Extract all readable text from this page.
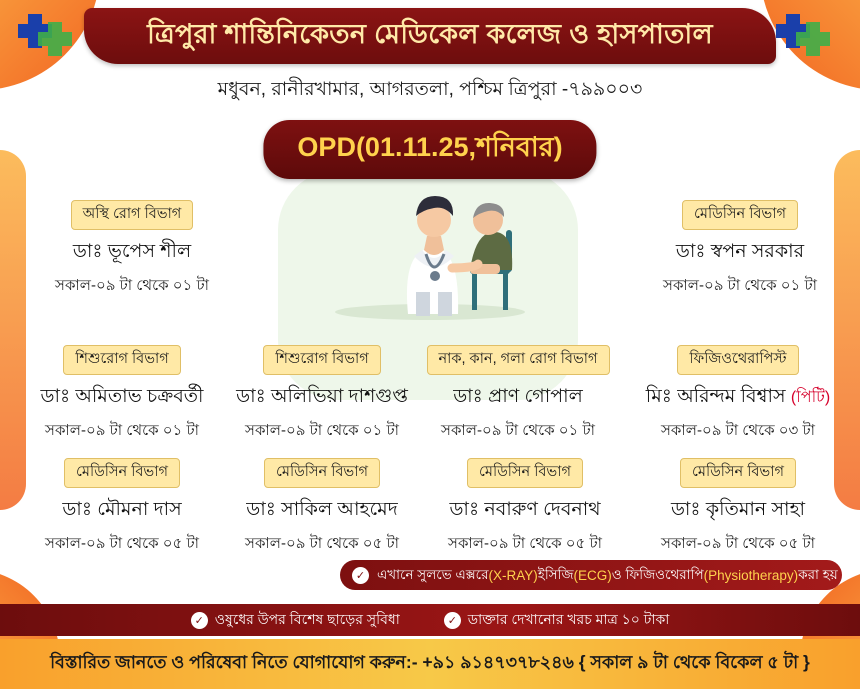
ত্রিপুরা শান্তিনিকেতন মেডিকেল কলেজ ও হাসপাতাল
মধুবন, রানীরখামার, আগরতলা, পশ্চিম ত্রিপুরা -৭৯৯০০৩
OPD(01.11.25,শনিবার)
অস্থি রোগ বিভাগ
ডাঃ ভূপেস শীল
সকাল-০৯ টা থেকে ০১ টা
মেডিসিন বিভাগ
ডাঃ স্বপন সরকার
সকাল-০৯ টা থেকে ০১ টা
শিশুরোগ বিভাগ
ডাঃ অমিতাভ চক্রবর্তী
সকাল-০৯ টা থেকে ০১ টা
শিশুরোগ বিভাগ
ডাঃ অলিভিয়া দাশগুপ্ত
সকাল-০৯ টা থেকে ০১ টা
নাক, কান, গলা রোগ বিভাগ
ডাঃ প্রাণ গোপাল
সকাল-০৯ টা থেকে ০১ টা
ফিজিওথেরাপিস্ট
মিঃ অরিন্দম বিশ্বাস (পিটি)
সকাল-০৯ টা থেকে ০৩ টা
মেডিসিন বিভাগ
ডাঃ মৌমনা দাস
সকাল-০৯ টা থেকে ০৫ টা
মেডিসিন বিভাগ
ডাঃ সাকিল আহমেদ
সকাল-০৯ টা থেকে ০৫ টা
মেডিসিন বিভাগ
ডাঃ নবারুণ দেবনাথ
সকাল-০৯ টা থেকে ০৫ টা
মেডিসিন বিভাগ
ডাঃ কৃতিমান সাহা
সকাল-০৯ টা থেকে ০৫ টা
✓ এখানে সুলভে এক্সরে (X-RAY) ইসিজি (ECG) ও ফিজিওথেরাপি (Physiotherapy) করা হয়
✓ ওষুধের উপর বিশেষ ছাড়ের সুবিধা	✓ ডাক্তার দেখানোর খরচ মাত্র ১০ টাকা
বিস্তারিত জানতে ও পরিষেবা নিতে যোগাযোগ করুন:- +৯১ ৯১৪৭৩৭৮২৪৬ { সকাল ৯ টা থেকে বিকেল ৫ টা }
